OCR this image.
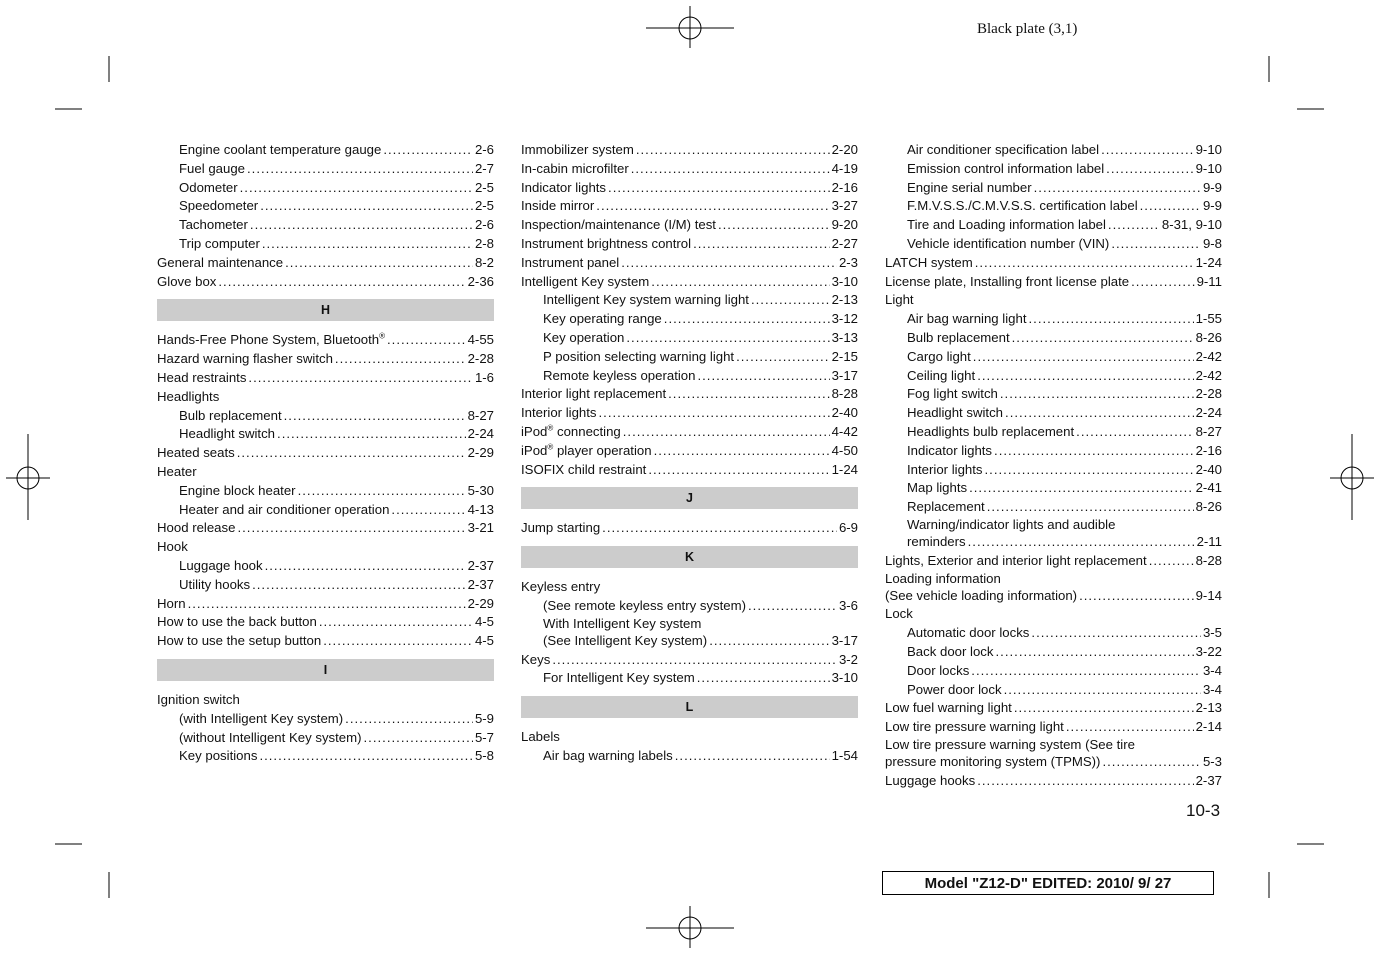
Black plate (3,1)
Engine coolant temperature gauge .....	2-6
Fuel gauge .....	2-7
Odometer .....	2-5
Speedometer .....	2-5
Tachometer .....	2-6
Trip computer .....	2-8
General maintenance .....	8-2
Glove box .....	2-36
H
Hands-Free Phone System, Bluetooth® .....	4-55
Hazard warning flasher switch .....	2-28
Head restraints .....	1-6
Headlights
Bulb replacement .....	8-27
Headlight switch .....	2-24
Heated seats .....	2-29
Heater
Engine block heater .....	5-30
Heater and air conditioner operation .....	4-13
Hood release .....	3-21
Hook
Luggage hook .....	2-37
Utility hooks .....	2-37
Horn .....	2-29
How to use the back button .....	4-5
How to use the setup button .....	4-5
I
Ignition switch
(with Intelligent Key system) .....	5-9
(without Intelligent Key system) .....	5-7
Key positions .....	5-8
Immobilizer system .....	2-20
In-cabin microfilter .....	4-19
Indicator lights .....	2-16
Inside mirror .....	3-27
Inspection/maintenance (I/M) test .....	9-20
Instrument brightness control .....	2-27
Instrument panel .....	2-3
Intelligent Key system .....	3-10
Intelligent Key system warning light .....	2-13
Key operating range .....	3-12
Key operation .....	3-13
P position selecting warning light .....	2-15
Remote keyless operation .....	3-17
Interior light replacement .....	8-28
Interior lights .....	2-40
iPod® connecting .....	4-42
iPod® player operation .....	4-50
ISOFIX child restraint .....	1-24
J
Jump starting .....	6-9
K
Keyless entry
(See remote keyless entry system) .....	3-6
With Intelligent Key system
(See Intelligent Key system) .....	3-17
Keys .....	3-2
For Intelligent Key system .....	3-10
L
Labels
Air bag warning labels .....	1-54
Air conditioner specification label .....	9-10
Emission control information label .....	9-10
Engine serial number .....	9-9
F.M.V.S.S./C.M.V.S.S. certification label .....	9-9
Tire and Loading information label .....	8-31, 9-10
Vehicle identification number (VIN) .....	9-8
LATCH system .....	1-24
License plate, Installing front license plate .....	9-11
Light
Air bag warning light .....	1-55
Bulb replacement .....	8-26
Cargo light .....	2-42
Ceiling light .....	2-42
Fog light switch .....	2-28
Headlight switch .....	2-24
Headlights bulb replacement .....	8-27
Indicator lights .....	2-16
Interior lights .....	2-40
Map lights .....	2-41
Replacement .....	8-26
Warning/indicator lights and audible
reminders .....	2-11
Lights, Exterior and interior light replacement .....	8-28
Loading information
(See vehicle loading information) .....	9-14
Lock
Automatic door locks .....	3-5
Back door lock .....	3-22
Door locks .....	3-4
Power door lock .....	3-4
Low fuel warning light .....	2-13
Low tire pressure warning light .....	2-14
Low tire pressure warning system (See tire
pressure monitoring system (TPMS)) .....	5-3
Luggage hooks .....	2-37
10-3
Model "Z12-D" EDITED: 2010/ 9/ 27
